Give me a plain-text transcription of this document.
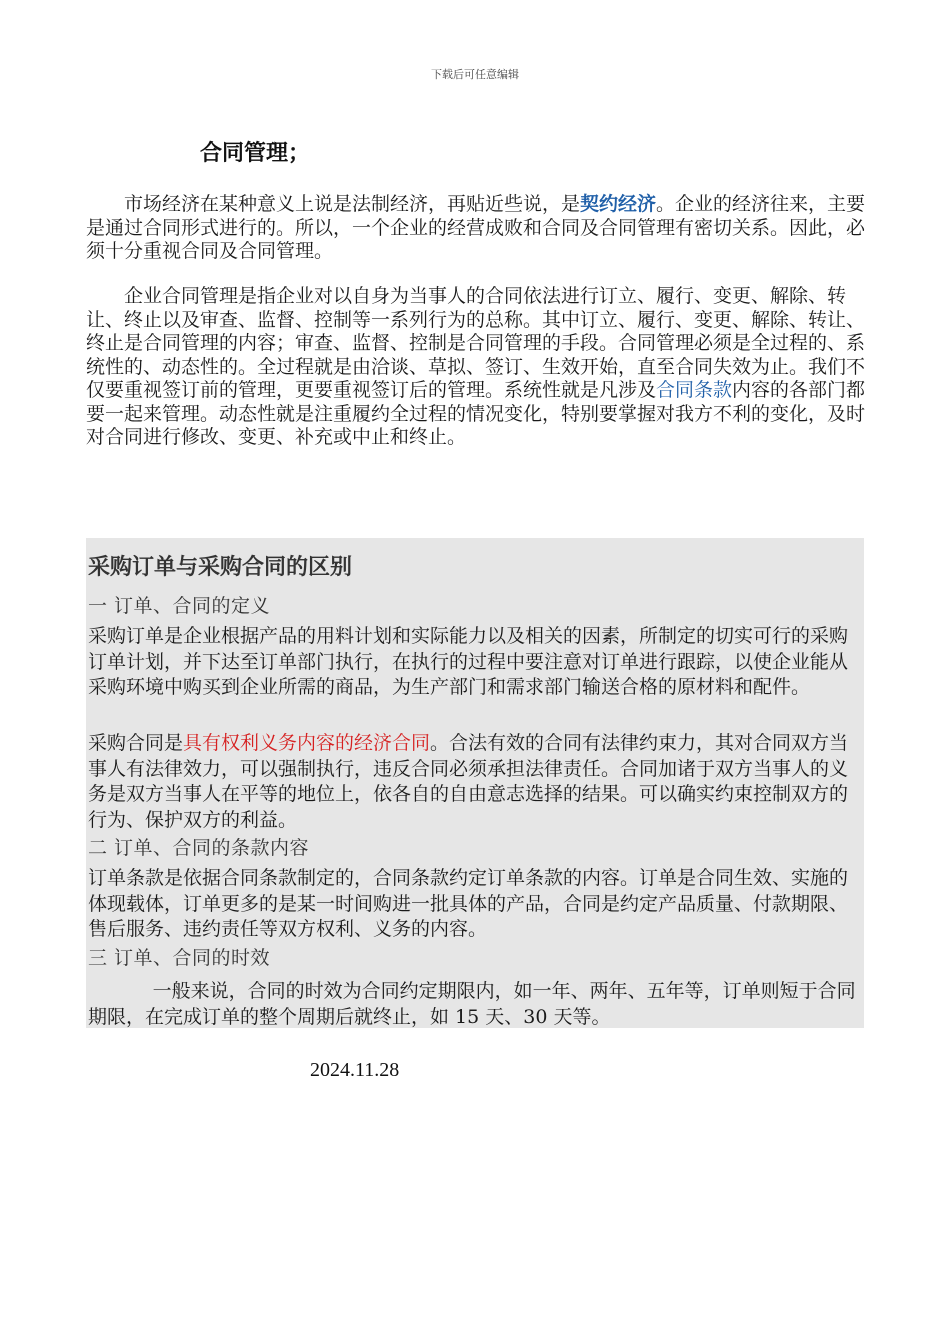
下载后可任意编辑
合同管理；

市场经济在某种意义上说是法制经济，再贴近些说，是契约经济。企业的经济往来，主要是通过合同形式进行的。所以，一个企业的经营成败和合同及合同管理有密切关系。因此，必须十分重视合同及合同管理。

企业合同管理是指企业对以自身为当事人的合同依法进行订立、履行、变更、解除、转让、终止以及审查、监督、控制等一系列行为的总称。其中订立、履行、变更、解除、转让、终止是合同管理的内容；审查、监督、控制是合同管理的手段。合同管理必须是全过程的、系统性的、动态性的。全过程就是由洽谈、草拟、签订、生效开始，直至合同失效为止。我们不仅要重视签订前的管理，更要重视签订后的管理。系统性就是凡涉及合同条款内容的各部门都要一起来管理。动态性就是注重履约全过程的情况变化，特别要掌握对我方不利的变化，及时对合同进行修改、变更、补充或中止和终止。

采购订单与采购合同的区别

一 订单、合同的定义

采购订单是企业根据产品的用料计划和实际能力以及相关的因素，所制定的切实可行的采购订单计划，并下达至订单部门执行，在执行的过程中要注意对订单进行跟踪，以使企业能从采购环境中购买到企业所需的商品，为生产部门和需求部门输送合格的原材料和配件。

采购合同是具有权利义务内容的经济合同。合法有效的合同有法律约束力，其对合同双方当事人有法律效力，可以强制执行，违反合同必须承担法律责任。合同加诸于双方当事人的义务是双方当事人在平等的地位上，依各自的自由意志选择的结果。可以确实约束控制双方的行为、保护双方的利益。

二 订单、合同的条款内容

订单条款是依据合同条款制定的，合同条款约定订单条款的内容。订单是合同生效、实施的体现载体，订单更多的是某一时间购进一批具体的产品，合同是约定产品质量、付款期限、售后服务、违约责任等双方权利、义务的内容。

三 订单、合同的时效

一般来说，合同的时效为合同约定期限内，如一年、两年、五年等，订单则短于合同期限，在完成订单的整个周期后就终止，如 15 天、30 天等。

2024.11.28
